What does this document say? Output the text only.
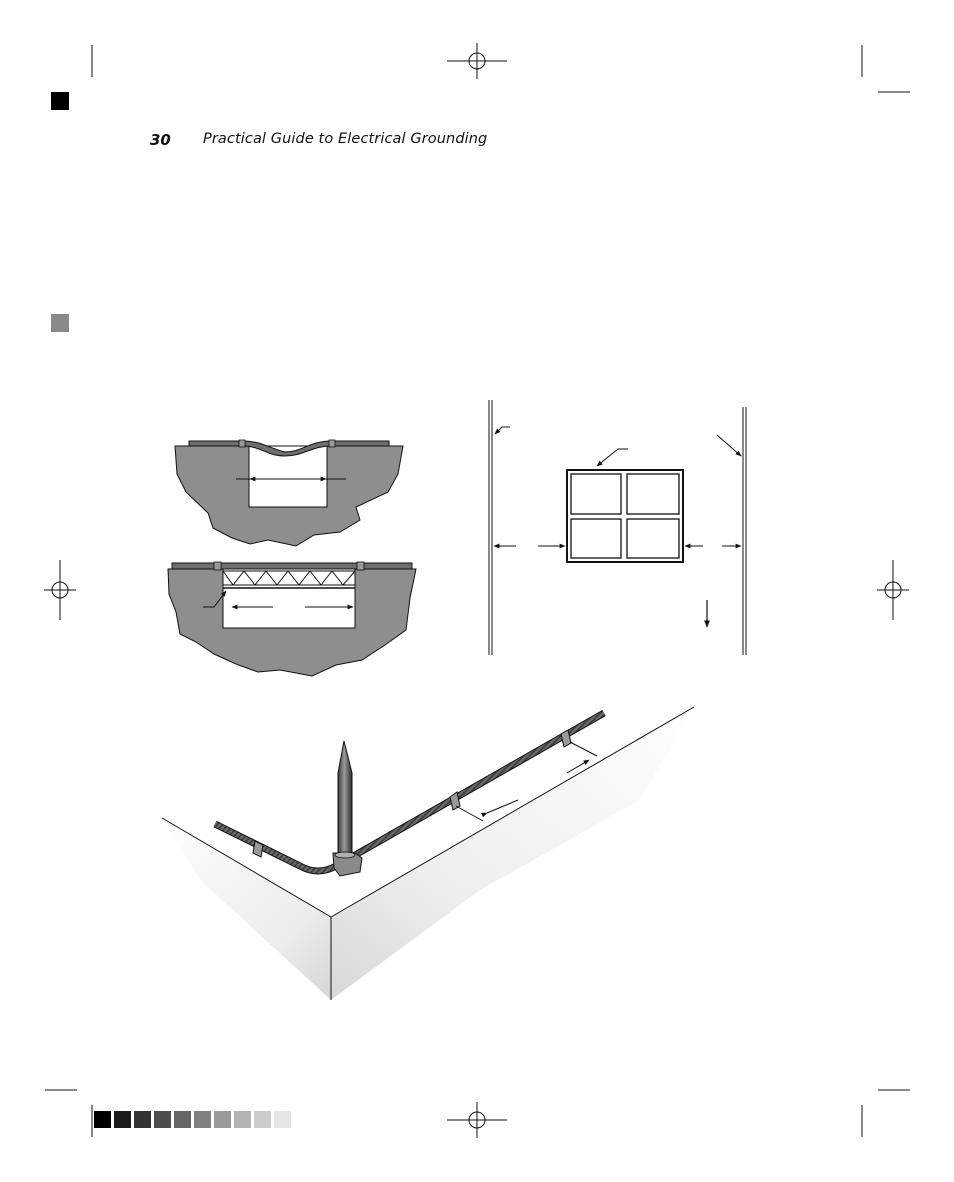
30 Practical Guide to Electrical Grounding
